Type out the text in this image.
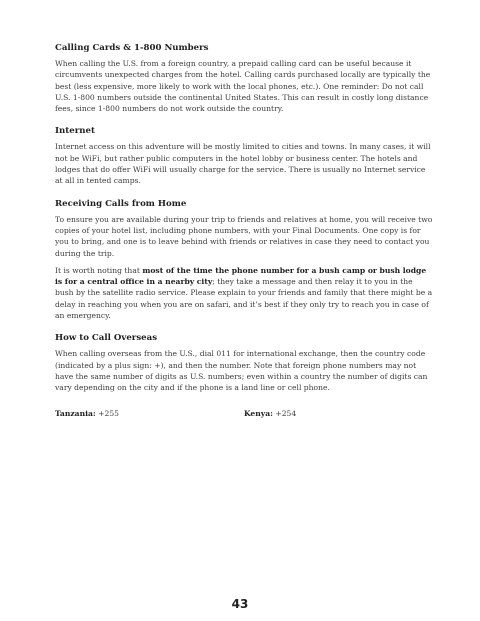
Calling Cards & 1-800 Numbers

When calling the U.S. from a foreign country, a prepaid calling card can be useful because it circumvents unexpected charges from the hotel. Calling cards purchased locally are typically the best (less expensive, more likely to work with the local phones, etc.). One reminder: Do not call U.S. 1-800 numbers outside the continental United States. This can result in costly long distance fees, since 1-800 numbers do not work outside the country.

Internet

Internet access on this adventure will be mostly limited to cities and towns. In many cases, it will not be WiFi, but rather public computers in the hotel lobby or business center. The hotels and lodges that do offer WiFi will usually charge for the service. There is usually no Internet service at all in tented camps.

Receiving Calls from Home

To ensure you are available during your trip to friends and relatives at home, you will receive two copies of your hotel list, including phone numbers, with your Final Documents. One copy is for you to bring, and one is to leave behind with friends or relatives in case they need to contact you during the trip.

It is worth noting that most of the time the phone number for a bush camp or bush lodge is for a central office in a nearby city; they take a message and then relay it to you in the bush by the satellite radio service. Please explain to your friends and family that there might be a delay in reaching you when you are on safari, and it’s best if they only try to reach you in case of an emergency.

How to Call Overseas

When calling overseas from the U.S., dial 011 for international exchange, then the country code (indicated by a plus sign: +), and then the number. Note that foreign phone numbers may not have the same number of digits as U.S. numbers; even within a country the number of digits can vary depending on the city and if the phone is a land line or cell phone.

Tanzania: +255	Kenya: +254
43
